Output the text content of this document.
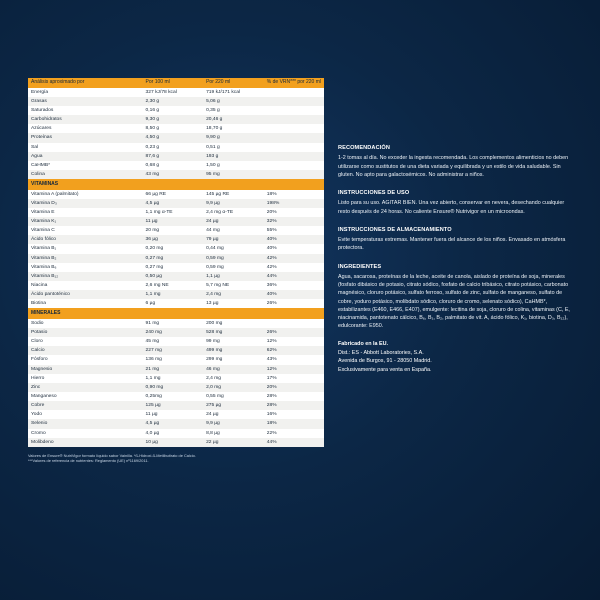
Análisis aproximado por	Por 100 ml	Por 220 ml	% de VRN*** por 220 ml
Energía	327 kJ/78 kcal	719 kJ/171 kcal	
Grasas	2,30 g	5,06 g	
Saturados	0,16 g	0,35 g	
Carbohidratos	9,30 g	20,46 g	
Azúcares	8,50 g	18,70 g	
Proteínas	4,50 g	9,90 g	
Sal	0,23 g	0,51 g	
Agua	87,6 g	193 g	
CaHMB*	0,68 g	1,50 g	
Colina	43 mg	95 mg	
VITAMINAS			
Vitamina A (palmitato)	66 µg RE	145 µg RE	18%
Vitamina D₃	4,5 µg	9,9 µg	198%
Vitamina E	1,1 mg α-TE	2,4 mg α-TE	20%
Vitamina K₁	11 µg	24 µg	32%
Vitamina C	20 mg	44 mg	55%
Ácido fólico	36 µg	79 µg	40%
Vitamina B₁	0,20 mg	0,44 mg	40%
Vitamina B₂	0,27 mg	0,59 mg	42%
Vitamina B₆	0,27 mg	0,59 mg	42%
Vitamina B₁₂	0,50 µg	1,1 µg	44%
Niacina	2,6 mg NE	5,7 mg NE	36%
Ácido pantoténico	1,1 mg	2,4 mg	40%
Biotina	6 µg	13 µg	26%
MINERALES			
Sodio	91 mg	200 mg	
Potasio	240 mg	528 mg	26%
Cloro	45 mg	99 mg	12%
Calcio	227 mg	499 mg	62%
Fósforo	136 mg	299 mg	43%
Magnesio	21 mg	46 mg	12%
Hierro	1,1 mg	2,4 mg	17%
Zinc	0,90 mg	2,0 mg	20%
Manganeso	0,25mg	0,55 mg	28%
Cobre	125 µg	275 µg	28%
Yodo	11 µg	24 µg	16%
Selenio	4,5 µg	9,9 µg	18%
Cromo	4,0 µg	8,8 µg	22%
Molibdeno	10 µg	22 µg	44%
Valores de Ensure® NutriVigor formato líquido sabor Vainilla. *ß-Hidroxi-ß-Metilbutirato de Calcio.
***Valores de referencia de nutrientes: Reglamento (UE) nº1169/2011.
RECOMENDACIÓN

1-2 tomas al día. No exceder la ingesta recomendada. Los complementos alimenticios no deben utilizarse como sustitutos de una dieta variada y equilibrada y un estilo de vida saludable. Sin gluten. No apto para galactosémicos. No administrar a niños.

INSTRUCCIONES DE USO

Listo para su uso. AGITAR BIEN. Una vez abierto, conservar en nevera, desechando cualquier resto después de 24 horas. No caliente Ensure® Nutrivigor en un microondas.

INSTRUCCIONES DE ALMACENAMIENTO

Evite temperaturas extremas. Mantener fuera del alcance de los niños. Envasado en atmósfera protectora.

INGREDIENTES

Agua, sacarosa, proteínas de la leche, aceite de canola, aislado de proteína de soja, minerales (fosfato dibásico de potasio, citrato sódico, fosfato de calcio tribásico, citrato potásico, carbonato magnésico, cloruro potásico, sulfato ferroso, sulfato de zinc, sulfato de manganeso, sulfato de cobre, yoduro potásico, molibdato sódico, cloruro de cromo, selenato sódico), CaHMB*, estabilizantes (E460, E466, E407), emulgente: lecitina de soja, cloruro de colina, vitaminas (C, E, niacinamida, pantotenato cálcico, B₆, B₁, B₂, palmitato de vit. A, ácido fólico, K₁, biotina, D₃, B₁₂), edulcorante: E950.

Fabricado en la EU.
Dist.: ES - Abbott Laboratories, S.A.
Avenida de Burgos, 91 - 28050 Madrid.
Exclusivamente para venta en España.
